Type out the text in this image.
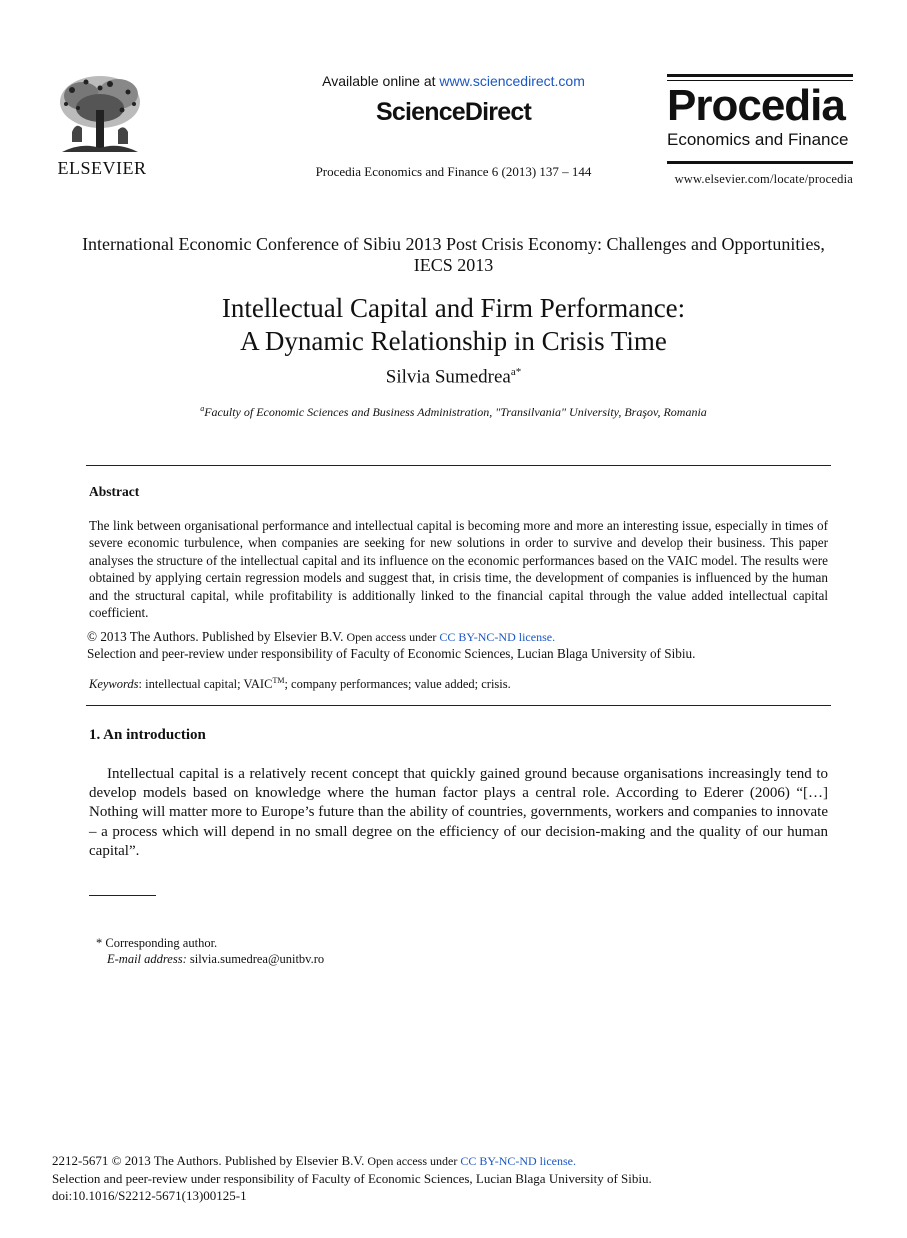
ELSEVIER
Available online at www.sciencedirect.com
ScienceDirect
Procedia Economics and Finance 6 (2013) 137 – 144
Procedia
Economics and Finance
www.elsevier.com/locate/procedia
International Economic Conference of Sibiu 2013 Post Crisis Economy: Challenges and Opportunities, IECS 2013
Intellectual Capital and Firm Performance:
A Dynamic Relationship in Crisis Time
Silvia Sumedrea$^{a*}$
$^a$Faculty of Economic Sciences and Business Administration, "Transilvania" University, Braşov, Romania
Abstract
The link between organisational performance and intellectual capital is becoming more and more an interesting issue, especially in times of severe economic turbulence, when companies are seeking for new solutions in order to survive and develop their business. This paper analyses the structure of the intellectual capital and its influence on the economic performances based on the VAIC model. The results were obtained by applying certain regression models and suggest that, in crisis time, the development of companies is influenced by the human and the structural capital, while profitability is additionally linked to the financial capital through the value added intellectual capital coefficient.
© 2013 The Authors. Published by Elsevier B.V. Open access under CC BY-NC-ND license.
Selection and peer-review under responsibility of Faculty of Economic Sciences, Lucian Blaga University of Sibiu.
Keywords: intellectual capital; VAIC™; company performances; value added; crisis.
1. An introduction
Intellectual capital is a relatively recent concept that quickly gained ground because organisations increasingly tend to develop models based on knowledge where the human factor plays a central role. According to Ederer (2006) “[…] Nothing will matter more to Europe’s future than the ability of countries, governments, workers and companies to innovate – a process which will depend in no small degree on the efficiency of our decision-making and the quality of our human capital”.
* Corresponding author.
E-mail address: silvia.sumedrea@unitbv.ro
2212-5671 © 2013 The Authors. Published by Elsevier B.V. Open access under CC BY-NC-ND license.
Selection and peer-review under responsibility of Faculty of Economic Sciences, Lucian Blaga University of Sibiu.
doi:10.1016/S2212-5671(13)00125-1
